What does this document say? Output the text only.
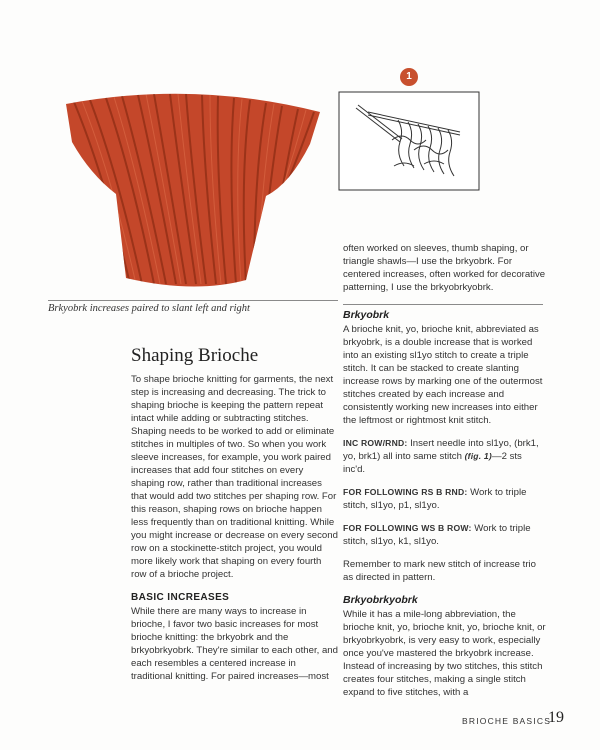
Brkyobrk increases paired to slant left and right
1
Shaping Brioche

To shape brioche knitting for garments, the next step is increasing and decreasing. The trick to shaping brioche is keeping the pattern repeat intact while adding or subtracting stitches. Shaping needs to be worked to add or eliminate stitches in multiples of two. So when you work sleeve increases, for example, you work paired increases that add four stitches on every shaping row, rather than traditional increases that would add two stitches per shaping row. For this reason, shaping rows on brioche happen less frequently than on traditional knitting. While you might increase or decrease on every second row on a stockinette-stitch project, you would more likely work that shaping on every fourth row of a brioche project.

BASIC INCREASES

While there are many ways to increase in brioche, I favor two basic increases for most brioche knitting: the brkyobrk and the brkyobrkyobrk. They're similar to each other, and each resembles a centered increase in traditional knitting. For paired increases—most

often worked on sleeves, thumb shaping, or triangle shawls—I use the brkyobrk. For centered increases, often worked for decorative patterning, I use the brkyobrkyobrk.

Brkyobrk

A brioche knit, yo, brioche knit, abbreviated as brkyobrk, is a double increase that is worked into an existing sl1yo stitch to create a triple stitch. It can be stacked to create slanting increase rows by marking one of the outermost stitches created by each increase and consistently working new increases into either the leftmost or rightmost knit stitch.

INC ROW/RND: Insert needle into sl1yo, (brk1, yo, brk1) all into same stitch (fig. 1)—2 sts inc'd.

FOR FOLLOWING RS B RND: Work to triple stitch, sl1yo, p1, sl1yo.

FOR FOLLOWING WS B ROW: Work to triple stitch, sl1yo, k1, sl1yo.

Remember to mark new stitch of increase trio as directed in pattern.

Brkyobrkyobrk

While it has a mile-long abbreviation, the brioche knit, yo, brioche knit, yo, brioche knit, or brkyobrkyobrk, is very easy to work, especially once you've mastered the brkyobrk increase. Instead of increasing by two stitches, this stitch creates four stitches, making a single stitch expand to five stitches, with a

BRIOCHE BASICS
19
